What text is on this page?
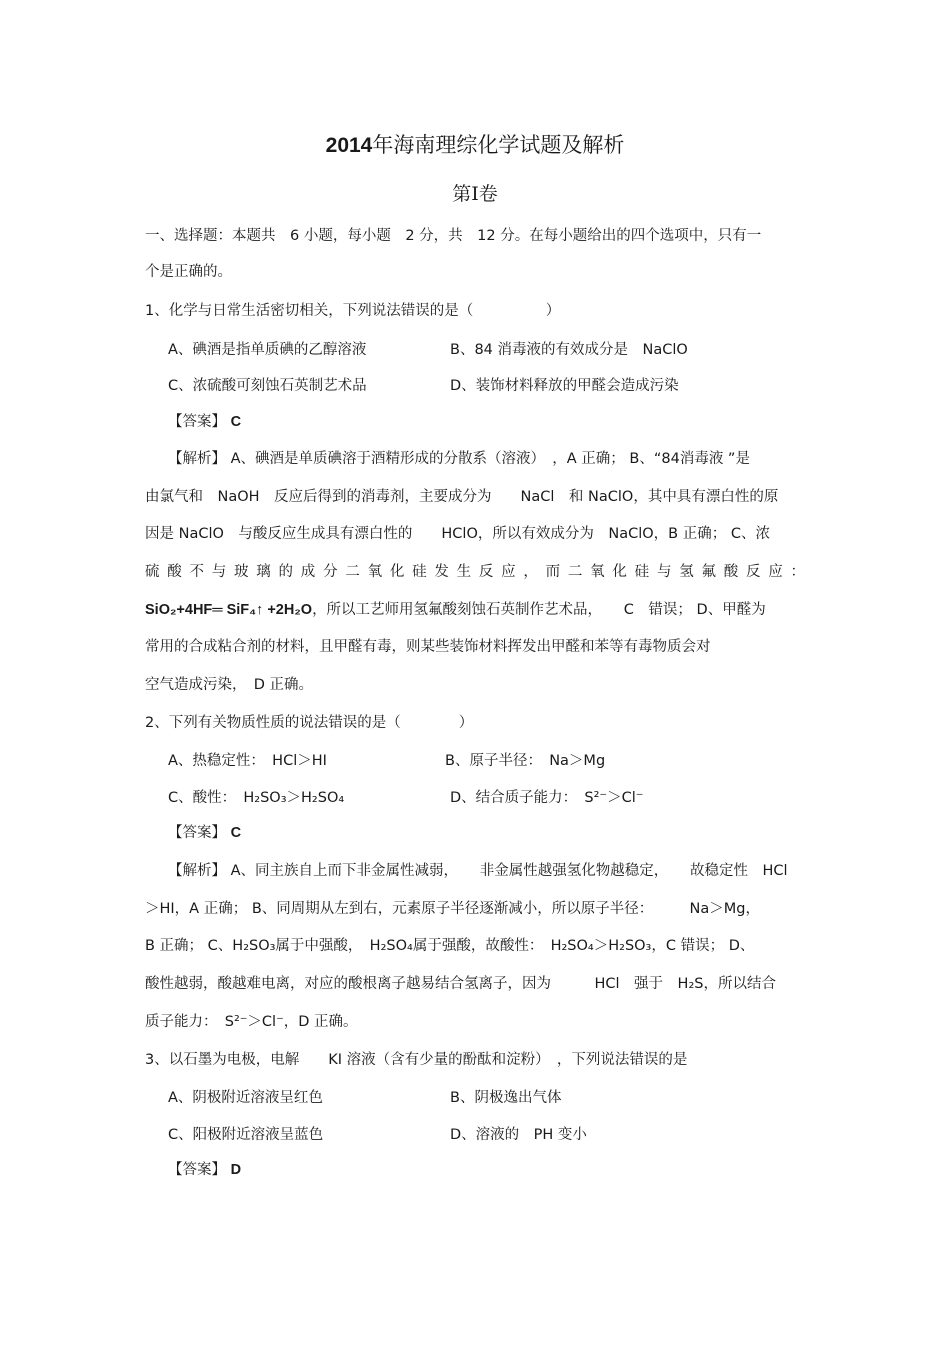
2014年海南理综化学试题及解析
第Ⅰ卷
一、选择题：本题共　6 小题，每小题　2 分，共　12 分。在每小题给出的四个选项中，只有一
个是正确的。
1、化学与日常生活密切相关，下列说法错误的是（　　　　　）
A、碘酒是指单质碘的乙醇溶液	B、84 消毒液的有效成分是　NaClO
C、浓硫酸可刻蚀石英制艺术品	D、装饰材料释放的甲醛会造成污染
【答案】 C
【解析】 A、碘酒是单质碘溶于酒精形成的分散系（溶液）　，A 正确； B、“84消毒液 ”是
由氯气和　NaOH　反应后得到的消毒剂，主要成分为　　NaCl　和 NaClO，其中具有漂白性的原
因是 NaClO　与酸反应生成具有漂白性的　　HClO，所以有效成分为　NaClO，B 正确； C、浓
硫酸不与玻璃的成分二氧化硅发生反应，而二氧化硅与氢氟酸反应：
SiO₂+4HF═ SiF₄↑ +2H₂O，所以工艺师用氢氟酸刻蚀石英制作艺术品，　　C　错误； D、甲醛为
常用的合成粘合剂的材料，且甲醛有毒，则某些装饰材料挥发出甲醛和苯等有毒物质会对
空气造成污染，　D 正确。
2、下列有关物质性质的说法错误的是（　　　　）
A、热稳定性：　HCl＞HI	B、原子半径：　Na＞Mg
C、酸性：　H₂SO₃＞H₂SO₄	D、结合质子能力：　S²⁻＞Cl⁻
【答案】 C
【解析】 A、同主族自上而下非金属性减弱，　　非金属性越强氢化物越稳定，　　故稳定性　HCl
＞HI，A 正确； B、同周期从左到右，元素原子半径逐渐减小，所以原子半径：　　　Na＞Mg，
B 正确； C、H₂SO₃属于中强酸，　H₂SO₄属于强酸，故酸性：　H₂SO₄＞H₂SO₃，C 错误； D、
酸性越弱，酸越难电离，对应的酸根离子越易结合氢离子，因为　　　HCl　强于　H₂S，所以结合
质子能力：　S²⁻＞Cl⁻，D 正确。
3、以石墨为电极，电解　　KI 溶液（含有少量的酚酞和淀粉）　，下列说法错误的是
A、阴极附近溶液呈红色	B、阴极逸出气体
C、阳极附近溶液呈蓝色	D、溶液的　PH 变小
【答案】 D
